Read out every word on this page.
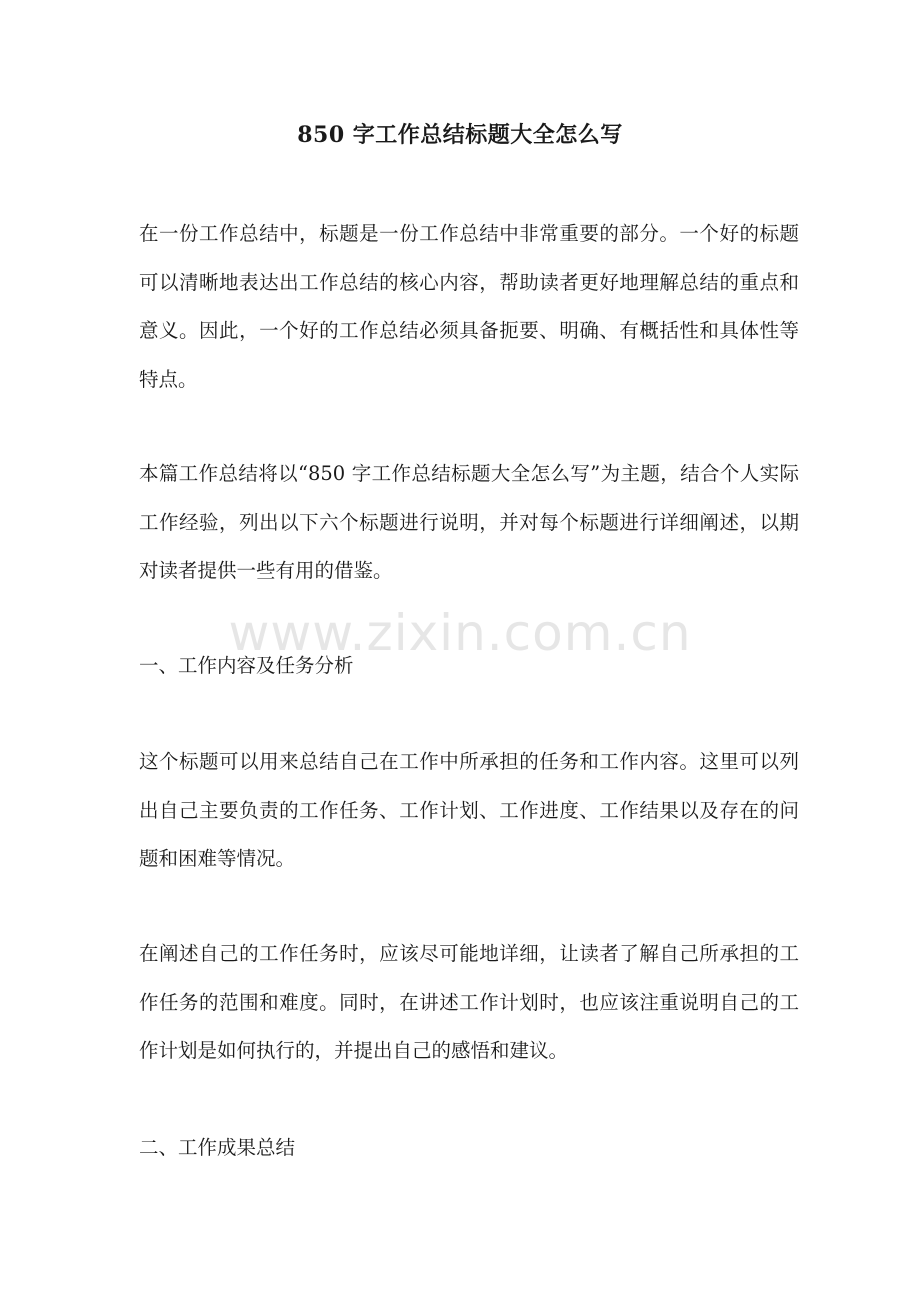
850 字工作总结标题大全怎么写

在一份工作总结中，标题是一份工作总结中非常重要的部分。一个好的标题可以清晰地表达出工作总结的核心内容，帮助读者更好地理解总结的重点和意义。因此，一个好的工作总结必须具备扼要、明确、有概括性和具体性等特点。

本篇工作总结将以“850 字工作总结标题大全怎么写”为主题，结合个人实际工作经验，列出以下六个标题进行说明，并对每个标题进行详细阐述，以期对读者提供一些有用的借鉴。

www.zixin.com.cn

一、工作内容及任务分析

这个标题可以用来总结自己在工作中所承担的任务和工作内容。这里可以列出自己主要负责的工作任务、工作计划、工作进度、工作结果以及存在的问题和困难等情况。

在阐述自己的工作任务时，应该尽可能地详细，让读者了解自己所承担的工作任务的范围和难度。同时，在讲述工作计划时，也应该注重说明自己的工作计划是如何执行的，并提出自己的感悟和建议。

二、工作成果总结
